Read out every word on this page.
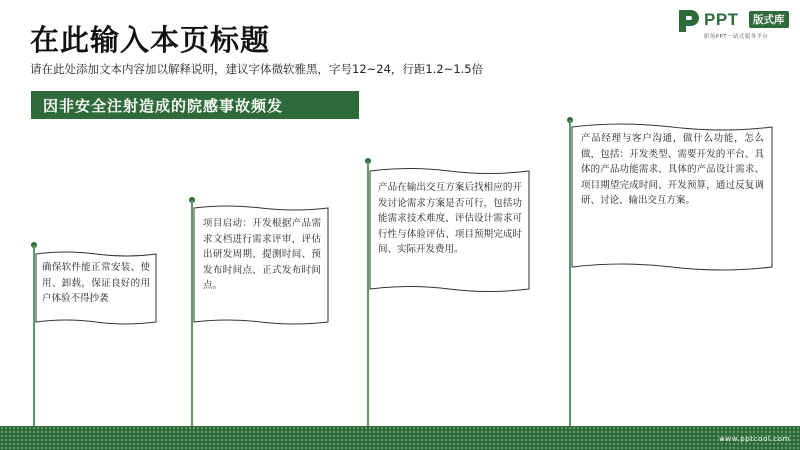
在此输入本页标题
请在此处添加文本内容加以解释说明，建议字体微软雅黑，字号12~24，行距1.2~1.5倍
PPT	版式库
职场PPT一站式服务平台
因非安全注射造成的院感事故频发
确保软件能正常安装、使用、卸载，保证良好的用户体验不得抄袭
项目启动：开发根据产品需求文档进行需求评审，评估出研发周期、提测时间、预发布时间点、正式发布时间点。
产品在输出交互方案后找相应的开发讨论需求方案是否可行，包括功能需求技术难度、评估设计需求可行性与体验评估、项目预期完成时间、实际开发费用。
产品经理与客户沟通，做什么功能，怎么做，包括：开发类型、需要开发的平台、具体的产品功能需求、具体的产品设计需求、项目期望完成时间、开发预算，通过反复调研、讨论、输出交互方案。
www.pptcool.com
